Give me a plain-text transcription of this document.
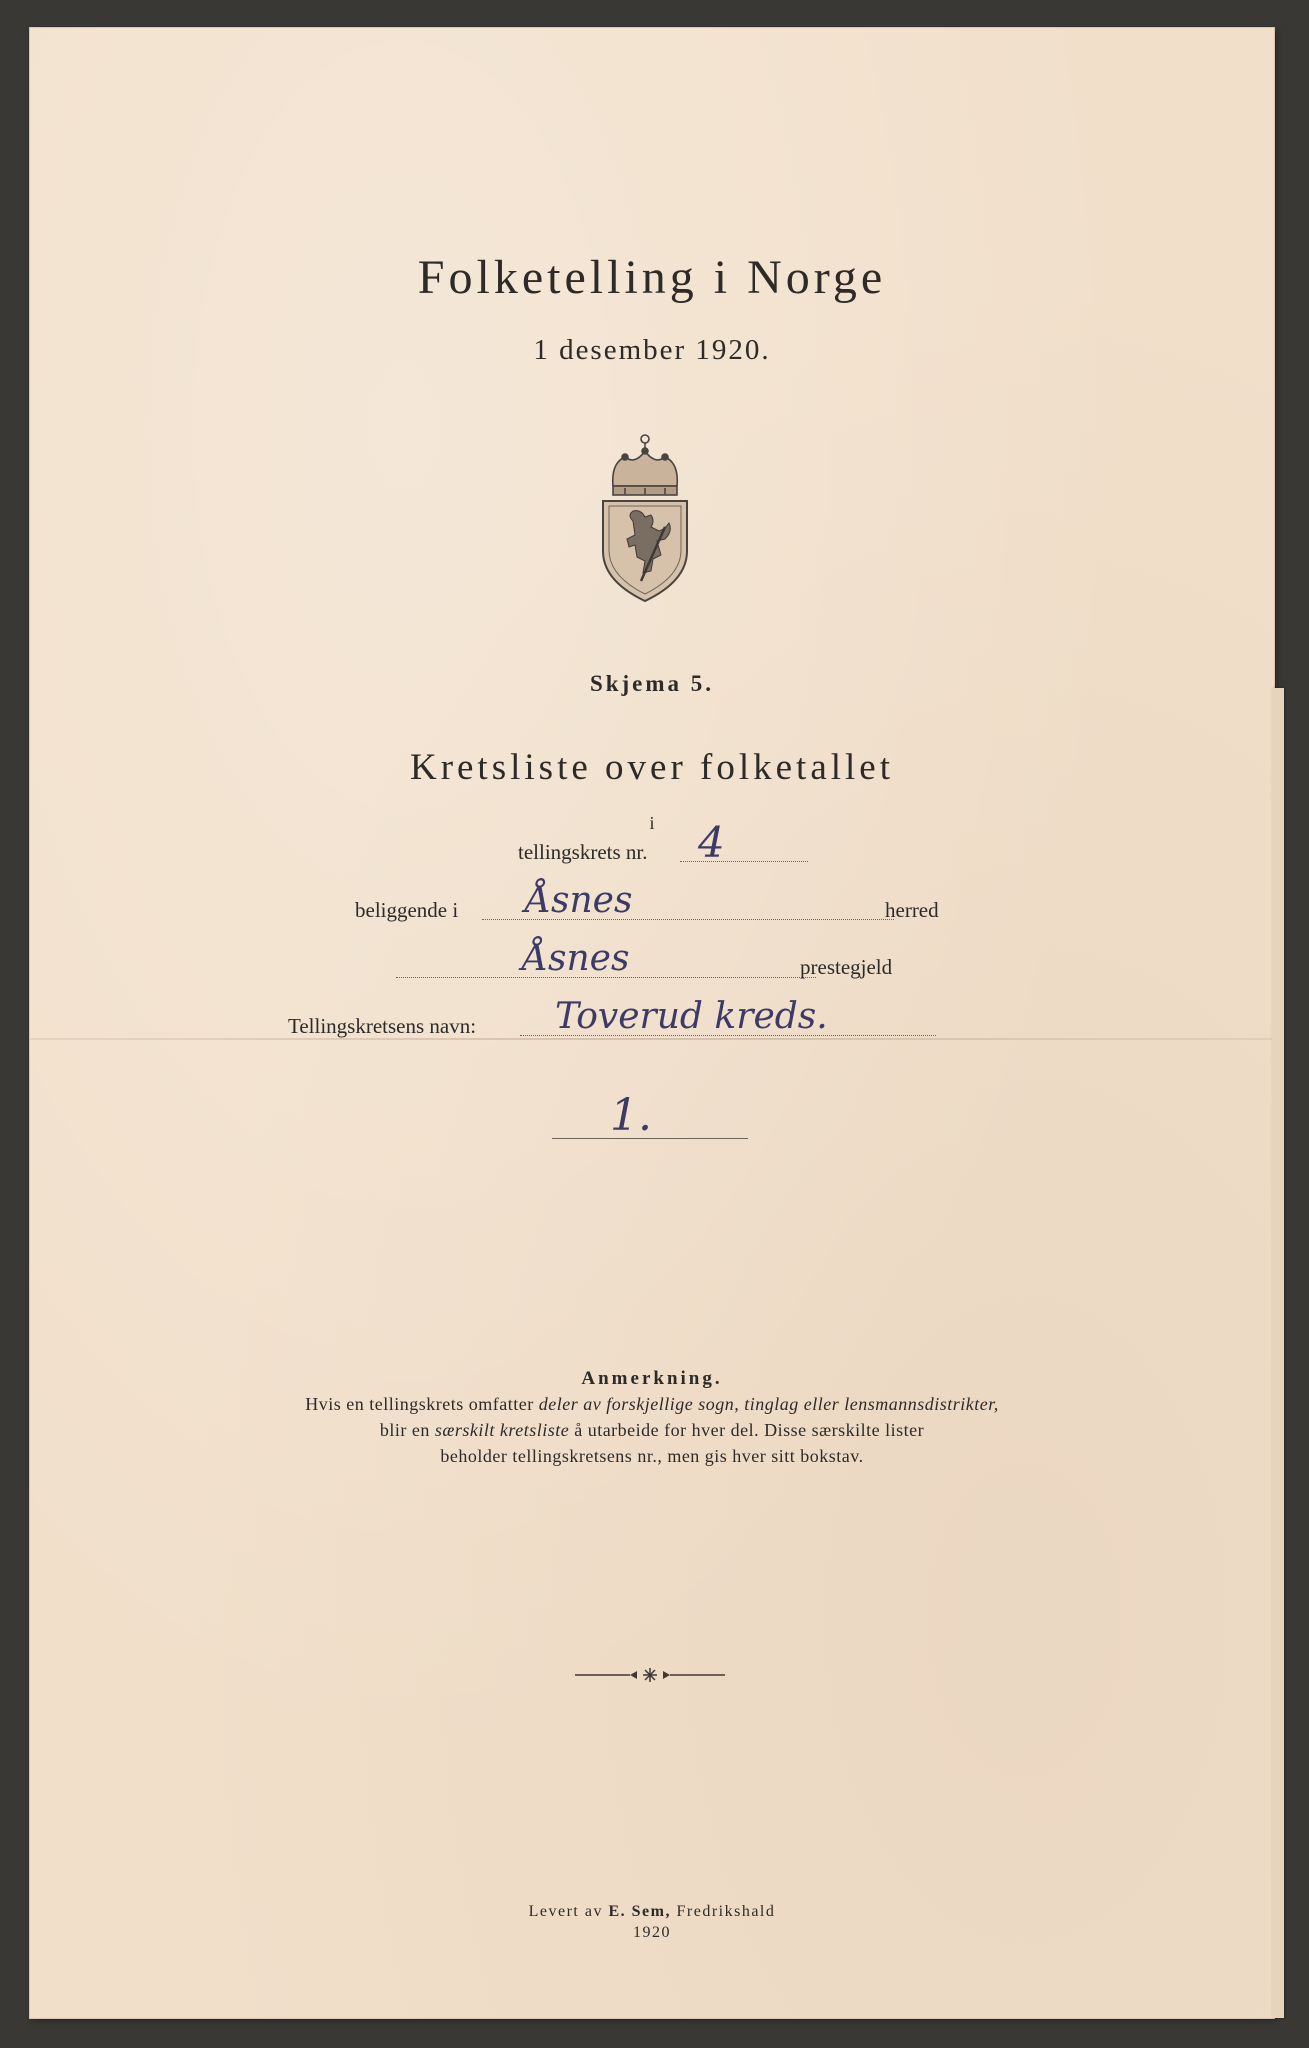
Folketelling i Norge
1 desember 1920.
Skjema 5.
Kretsliste over folketallet
i
tellingskrets nr. 4
beliggende i Åsnes	herred
Åsnes	prestegjeld
Tellingskretsens navn: Toverud kreds.
1.
Anmerkning.
Hvis en tellingskrets omfatter deler av forskjellige sogn, tinglag eller lensmannsdistrikter,
blir en særskilt kretsliste å utarbeide for hver del. Disse særskilte lister
beholder tellingskretsens nr., men gis hver sitt bokstav.
Levert av E. Sem, Fredrikshald
1920
